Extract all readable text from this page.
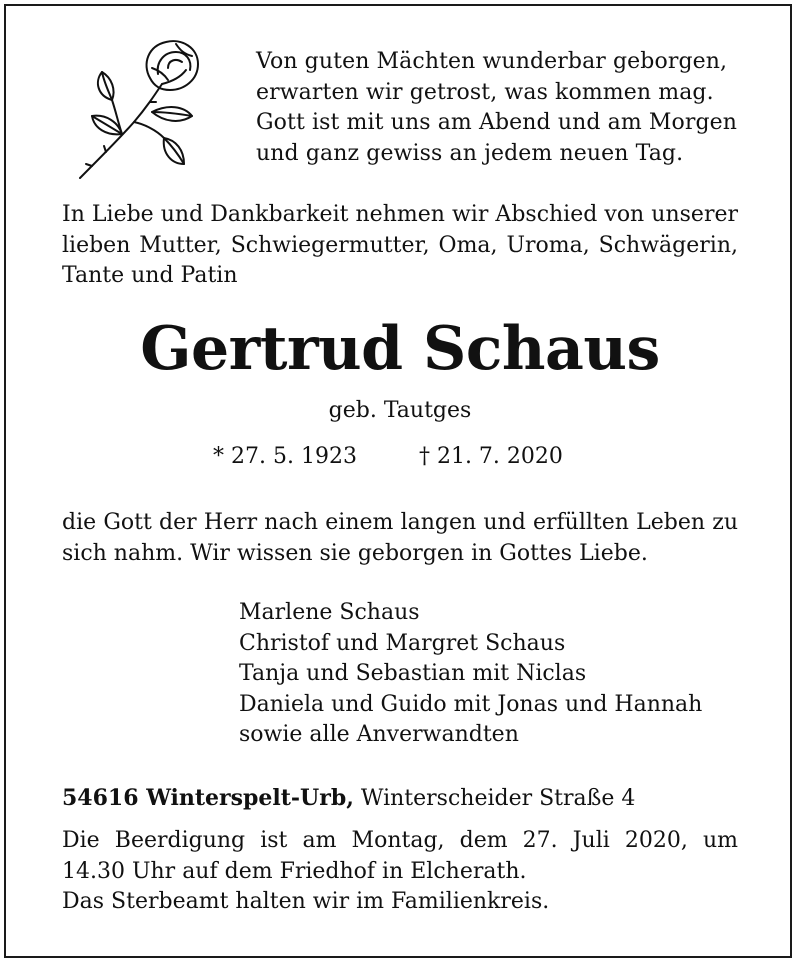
Von guten Mächten wunderbar geborgen,
erwarten wir getrost, was kommen mag.
Gott ist mit uns am Abend und am Morgen
und ganz gewiss an jedem neuen Tag.
In Liebe und Dankbarkeit nehmen wir Abschied von unserer lieben Mutter, Schwiegermutter, Oma, Uroma, Schwägerin, Tante und Patin
Gertrud Schaus
geb. Tautges
* 27. 5. 1923	† 21. 7. 2020
die Gott der Herr nach einem langen und erfüllten Leben zu sich nahm. Wir wissen sie geborgen in Gottes Liebe.
Marlene Schaus
Christof und Margret Schaus
Tanja und Sebastian mit Niclas
Daniela und Guido mit Jonas und Hannah
sowie alle Anverwandten
54616 Winterspelt-Urb, Winterscheider Straße 4
Die Beerdigung ist am Montag, dem 27. Juli 2020, um
14.30 Uhr auf dem Friedhof in Elcherath.
Das Sterbeamt halten wir im Familienkreis.
